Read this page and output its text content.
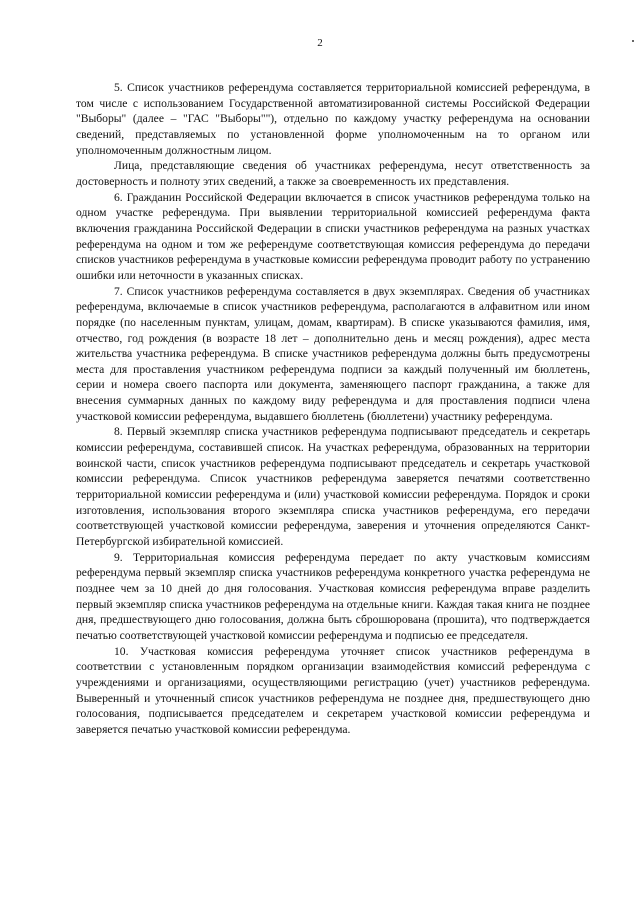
2

5. Список участников референдума составляется территориальной комиссией референдума, в том числе с использованием Государственной автоматизированной системы Российской Федерации "Выборы" (далее – "ГАС "Выборы""), отдельно по каждому участку референдума на основании сведений, представляемых по установленной форме уполномоченным на то органом или уполномоченным должностным лицом.

Лица, представляющие сведения об участниках референдума, несут ответственность за достоверность и полноту этих сведений, а также за своевременность их представления.

6. Гражданин Российской Федерации включается в список участников референдума только на одном участке референдума. При выявлении территориальной комиссией референдума факта включения гражданина Российской Федерации в списки участников референдума на разных участках референдума на одном и том же референдуме соответствующая комиссия референдума до передачи списков участников референдума в участковые комиссии референдума проводит работу по устранению ошибки или неточности в указанных списках.

7. Список участников референдума составляется в двух экземплярах. Сведения об участниках референдума, включаемые в список участников референдума, располагаются в алфавитном или ином порядке (по населенным пунктам, улицам, домам, квартирам). В списке указываются фамилия, имя, отчество, год рождения (в возрасте 18 лет – дополнительно день и месяц рождения), адрес места жительства участника референдума. В списке участников референдума должны быть предусмотрены места для проставления участником референдума подписи за каждый полученный им бюллетень, серии и номера своего паспорта или документа, заменяющего паспорт гражданина, а также для внесения суммарных данных по каждому виду референдума и для проставления подписи члена участковой комиссии референдума, выдавшего бюллетень (бюллетени) участнику референдума.

8. Первый экземпляр списка участников референдума подписывают председатель и секретарь комиссии референдума, составившей список. На участках референдума, образованных на территории воинской части, список участников референдума подписывают председатель и секретарь участковой комиссии референдума. Список участников референдума заверяется печатями соответственно территориальной комиссии референдума и (или) участковой комиссии референдума. Порядок и сроки изготовления, использования второго экземпляра списка участников референдума, его передачи соответствующей участковой комиссии референдума, заверения и уточнения определяются Санкт-Петербургской избирательной комиссией.

9. Территориальная комиссия референдума передает по акту участковым комиссиям референдума первый экземпляр списка участников референдума конкретного участка референдума не позднее чем за 10 дней до дня голосования. Участковая комиссия референдума вправе разделить первый экземпляр списка участников референдума на отдельные книги. Каждая такая книга не позднее дня, предшествующего дню голосования, должна быть сброшюрована (прошита), что подтверждается печатью соответствующей участковой комиссии референдума и подписью ее председателя.

10. Участковая комиссия референдума уточняет список участников референдума в соответствии с установленным порядком организации взаимодействия комиссий референдума с учреждениями и организациями, осуществляющими регистрацию (учет) участников референдума. Выверенный и уточненный список участников референдума не позднее дня, предшествующего дню голосования, подписывается председателем и секретарем участковой комиссии референдума и заверяется печатью участковой комиссии референдума.
